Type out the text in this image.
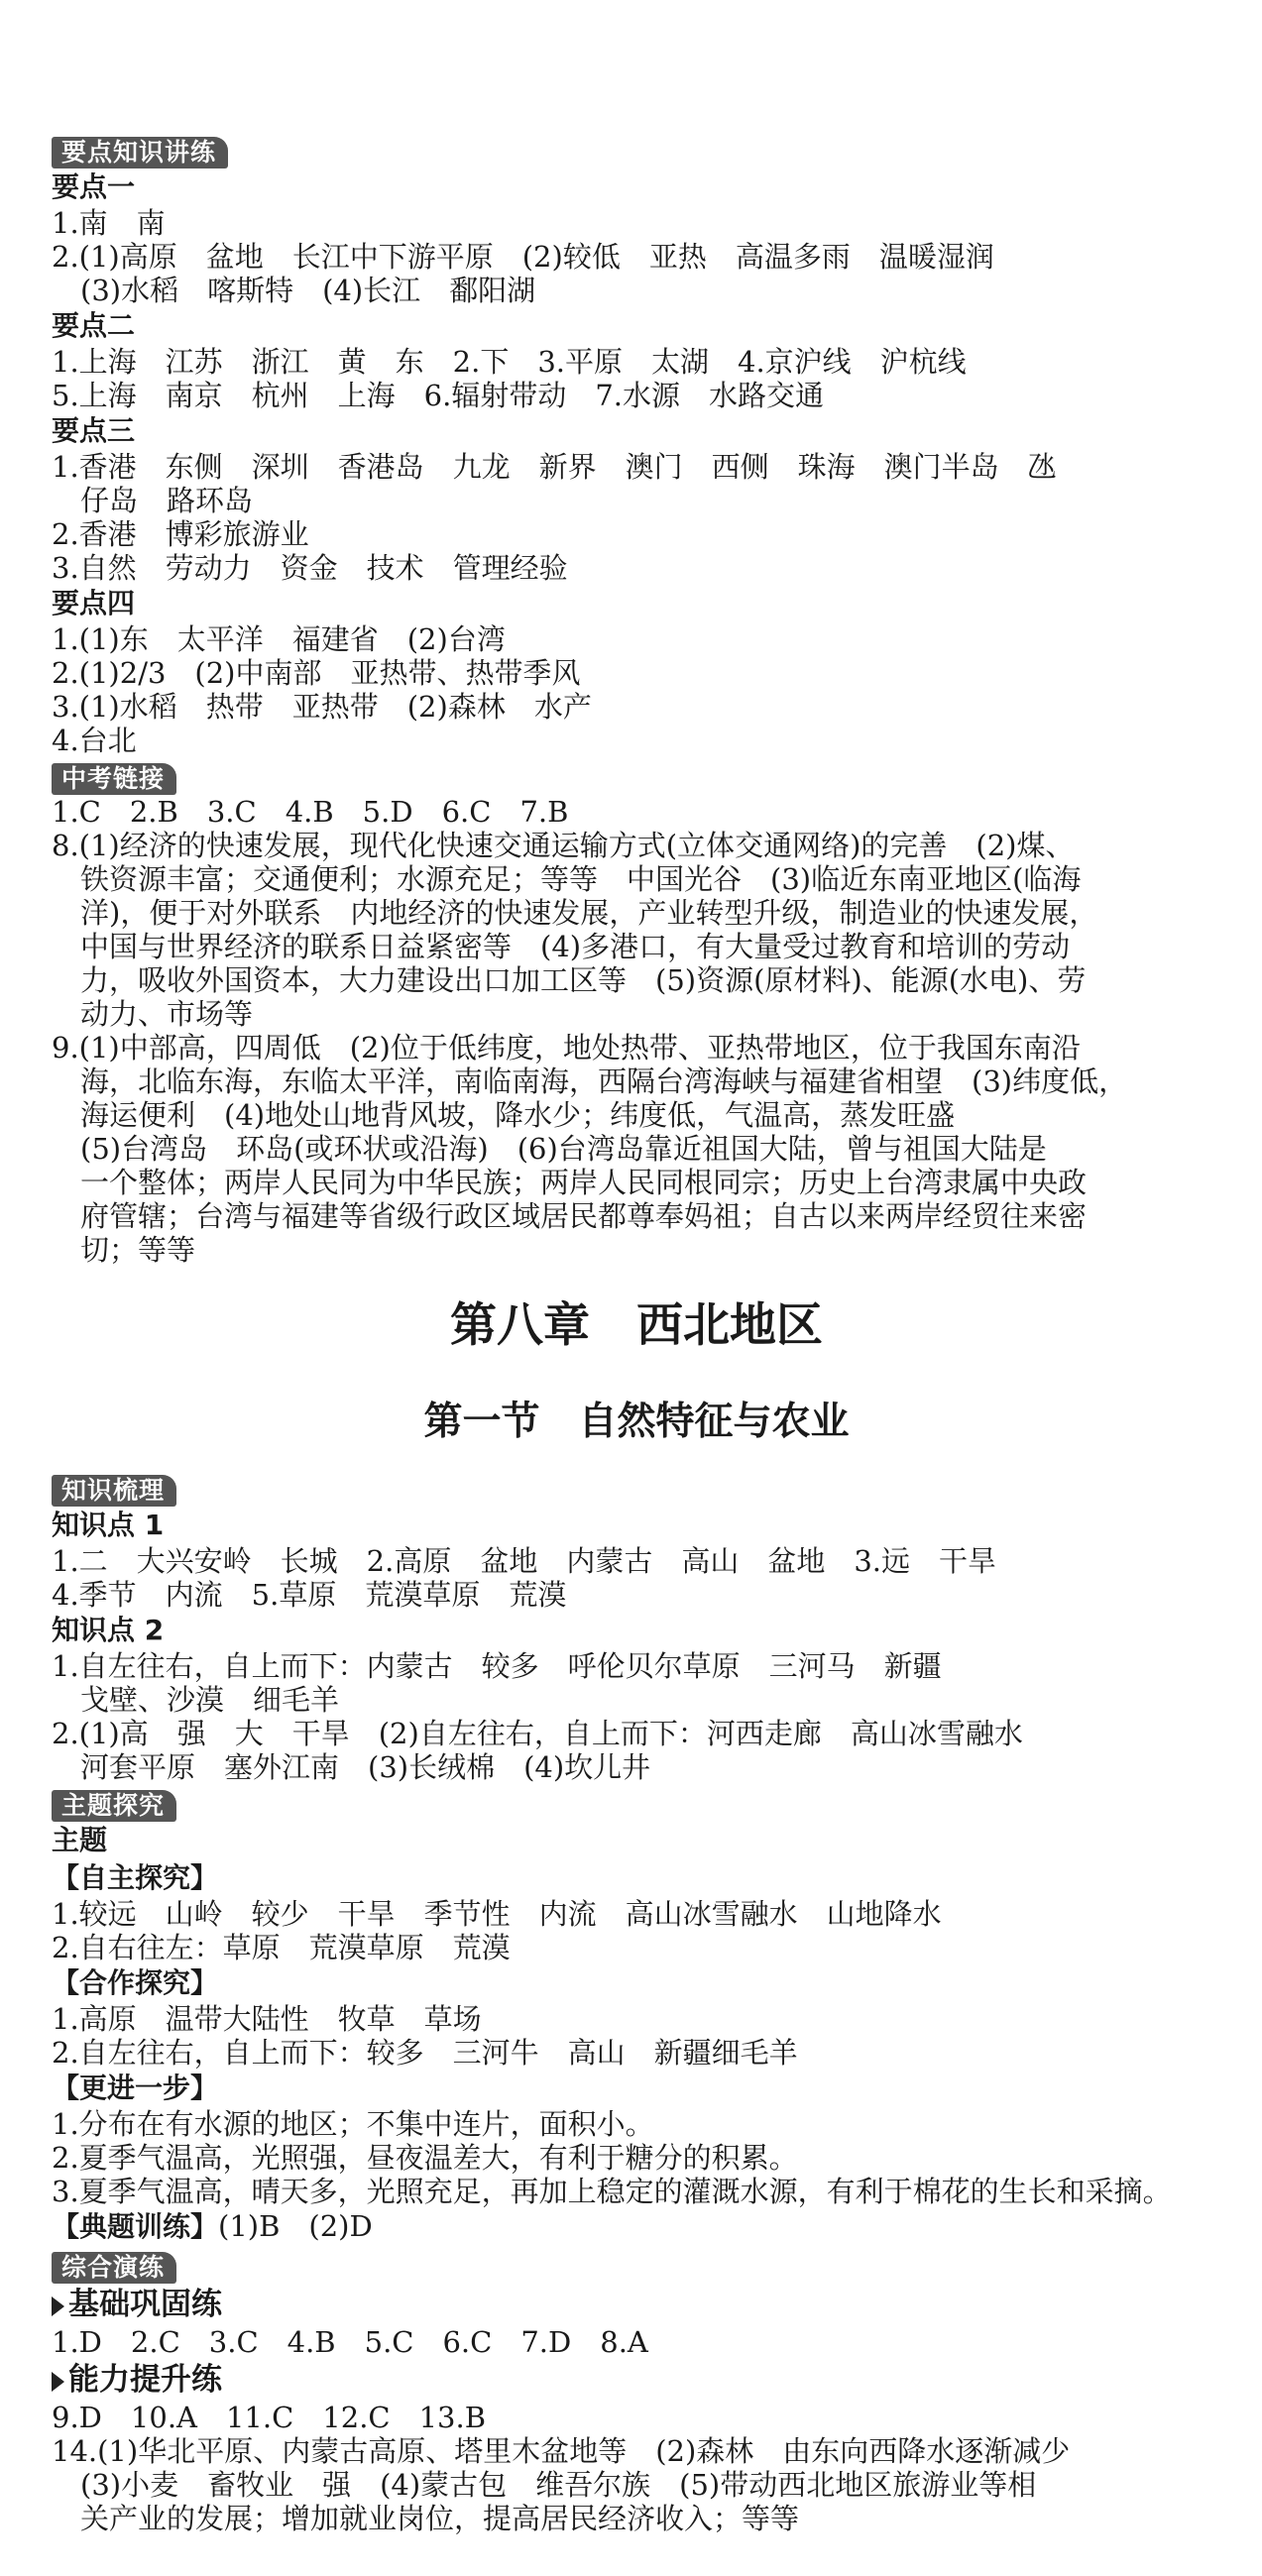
要点知识讲练
要点一
1.南　南
2.(1)高原　盆地　长江中下游平原　(2)较低　亚热　高温多雨　温暖湿润
　(3)水稻　喀斯特　(4)长江　鄱阳湖
要点二
1.上海　江苏　浙江　黄　东　2.下　3.平原　太湖　4.京沪线　沪杭线
5.上海　南京　杭州　上海　6.辐射带动　7.水源　水路交通
要点三
1.香港　东侧　深圳　香港岛　九龙　新界　澳门　西侧　珠海　澳门半岛　氹
　仔岛　路环岛
2.香港　博彩旅游业
3.自然　劳动力　资金　技术　管理经验
要点四
1.(1)东　太平洋　福建省　(2)台湾
2.(1)2/3　(2)中南部　亚热带、热带季风
3.(1)水稻　热带　亚热带　(2)森林　水产
4.台北
中考链接
1.C　2.B　3.C　4.B　5.D　6.C　7.B
8.(1)经济的快速发展，现代化快速交通运输方式(立体交通网络)的完善　(2)煤、
　铁资源丰富；交通便利；水源充足；等等　中国光谷　(3)临近东南亚地区(临海
　洋)，便于对外联系　内地经济的快速发展，产业转型升级，制造业的快速发展，
　中国与世界经济的联系日益紧密等　(4)多港口，有大量受过教育和培训的劳动
　力，吸收外国资本，大力建设出口加工区等　(5)资源(原材料)、能源(水电)、劳
　动力、市场等
9.(1)中部高，四周低　(2)位于低纬度，地处热带、亚热带地区，位于我国东南沿
　海，北临东海，东临太平洋，南临南海，西隔台湾海峡与福建省相望　(3)纬度低，
　海运便利　(4)地处山地背风坡，降水少；纬度低，气温高，蒸发旺盛
　(5)台湾岛　环岛(或环状或沿海)　(6)台湾岛靠近祖国大陆，曾与祖国大陆是
　一个整体；两岸人民同为中华民族；两岸人民同根同宗；历史上台湾隶属中央政
　府管辖；台湾与福建等省级行政区域居民都尊奉妈祖；自古以来两岸经贸往来密
　切；等等
第八章　西北地区
第一节　自然特征与农业
知识梳理
知识点 1
1.二　大兴安岭　长城　2.高原　盆地　内蒙古　高山　盆地　3.远　干旱
4.季节　内流　5.草原　荒漠草原　荒漠
知识点 2
1.自左往右，自上而下：内蒙古　较多　呼伦贝尔草原　三河马　新疆
　戈壁、沙漠　细毛羊
2.(1)高　强　大　干旱　(2)自左往右，自上而下：河西走廊　高山冰雪融水
　河套平原　塞外江南　(3)长绒棉　(4)坎儿井
主题探究
主题
【自主探究】
1.较远　山岭　较少　干旱　季节性　内流　高山冰雪融水　山地降水
2.自右往左：草原　荒漠草原　荒漠
【合作探究】
1.高原　温带大陆性　牧草　草场
2.自左往右，自上而下：较多　三河牛　高山　新疆细毛羊
【更进一步】
1.分布在有水源的地区；不集中连片，面积小。
2.夏季气温高，光照强，昼夜温差大，有利于糖分的积累。
3.夏季气温高，晴天多，光照充足，再加上稳定的灌溉水源，有利于棉花的生长和采摘。
【典题训练】(1)B　(2)D
综合演练
基础巩固练
1.D　2.C　3.C　4.B　5.C　6.C　7.D　8.A
能力提升练
9.D　10.A　11.C　12.C　13.B
14.(1)华北平原、内蒙古高原、塔里木盆地等　(2)森林　由东向西降水逐渐减少
　(3)小麦　畜牧业　强　(4)蒙古包　维吾尔族　(5)带动西北地区旅游业等相
　关产业的发展；增加就业岗位，提高居民经济收入；等等
